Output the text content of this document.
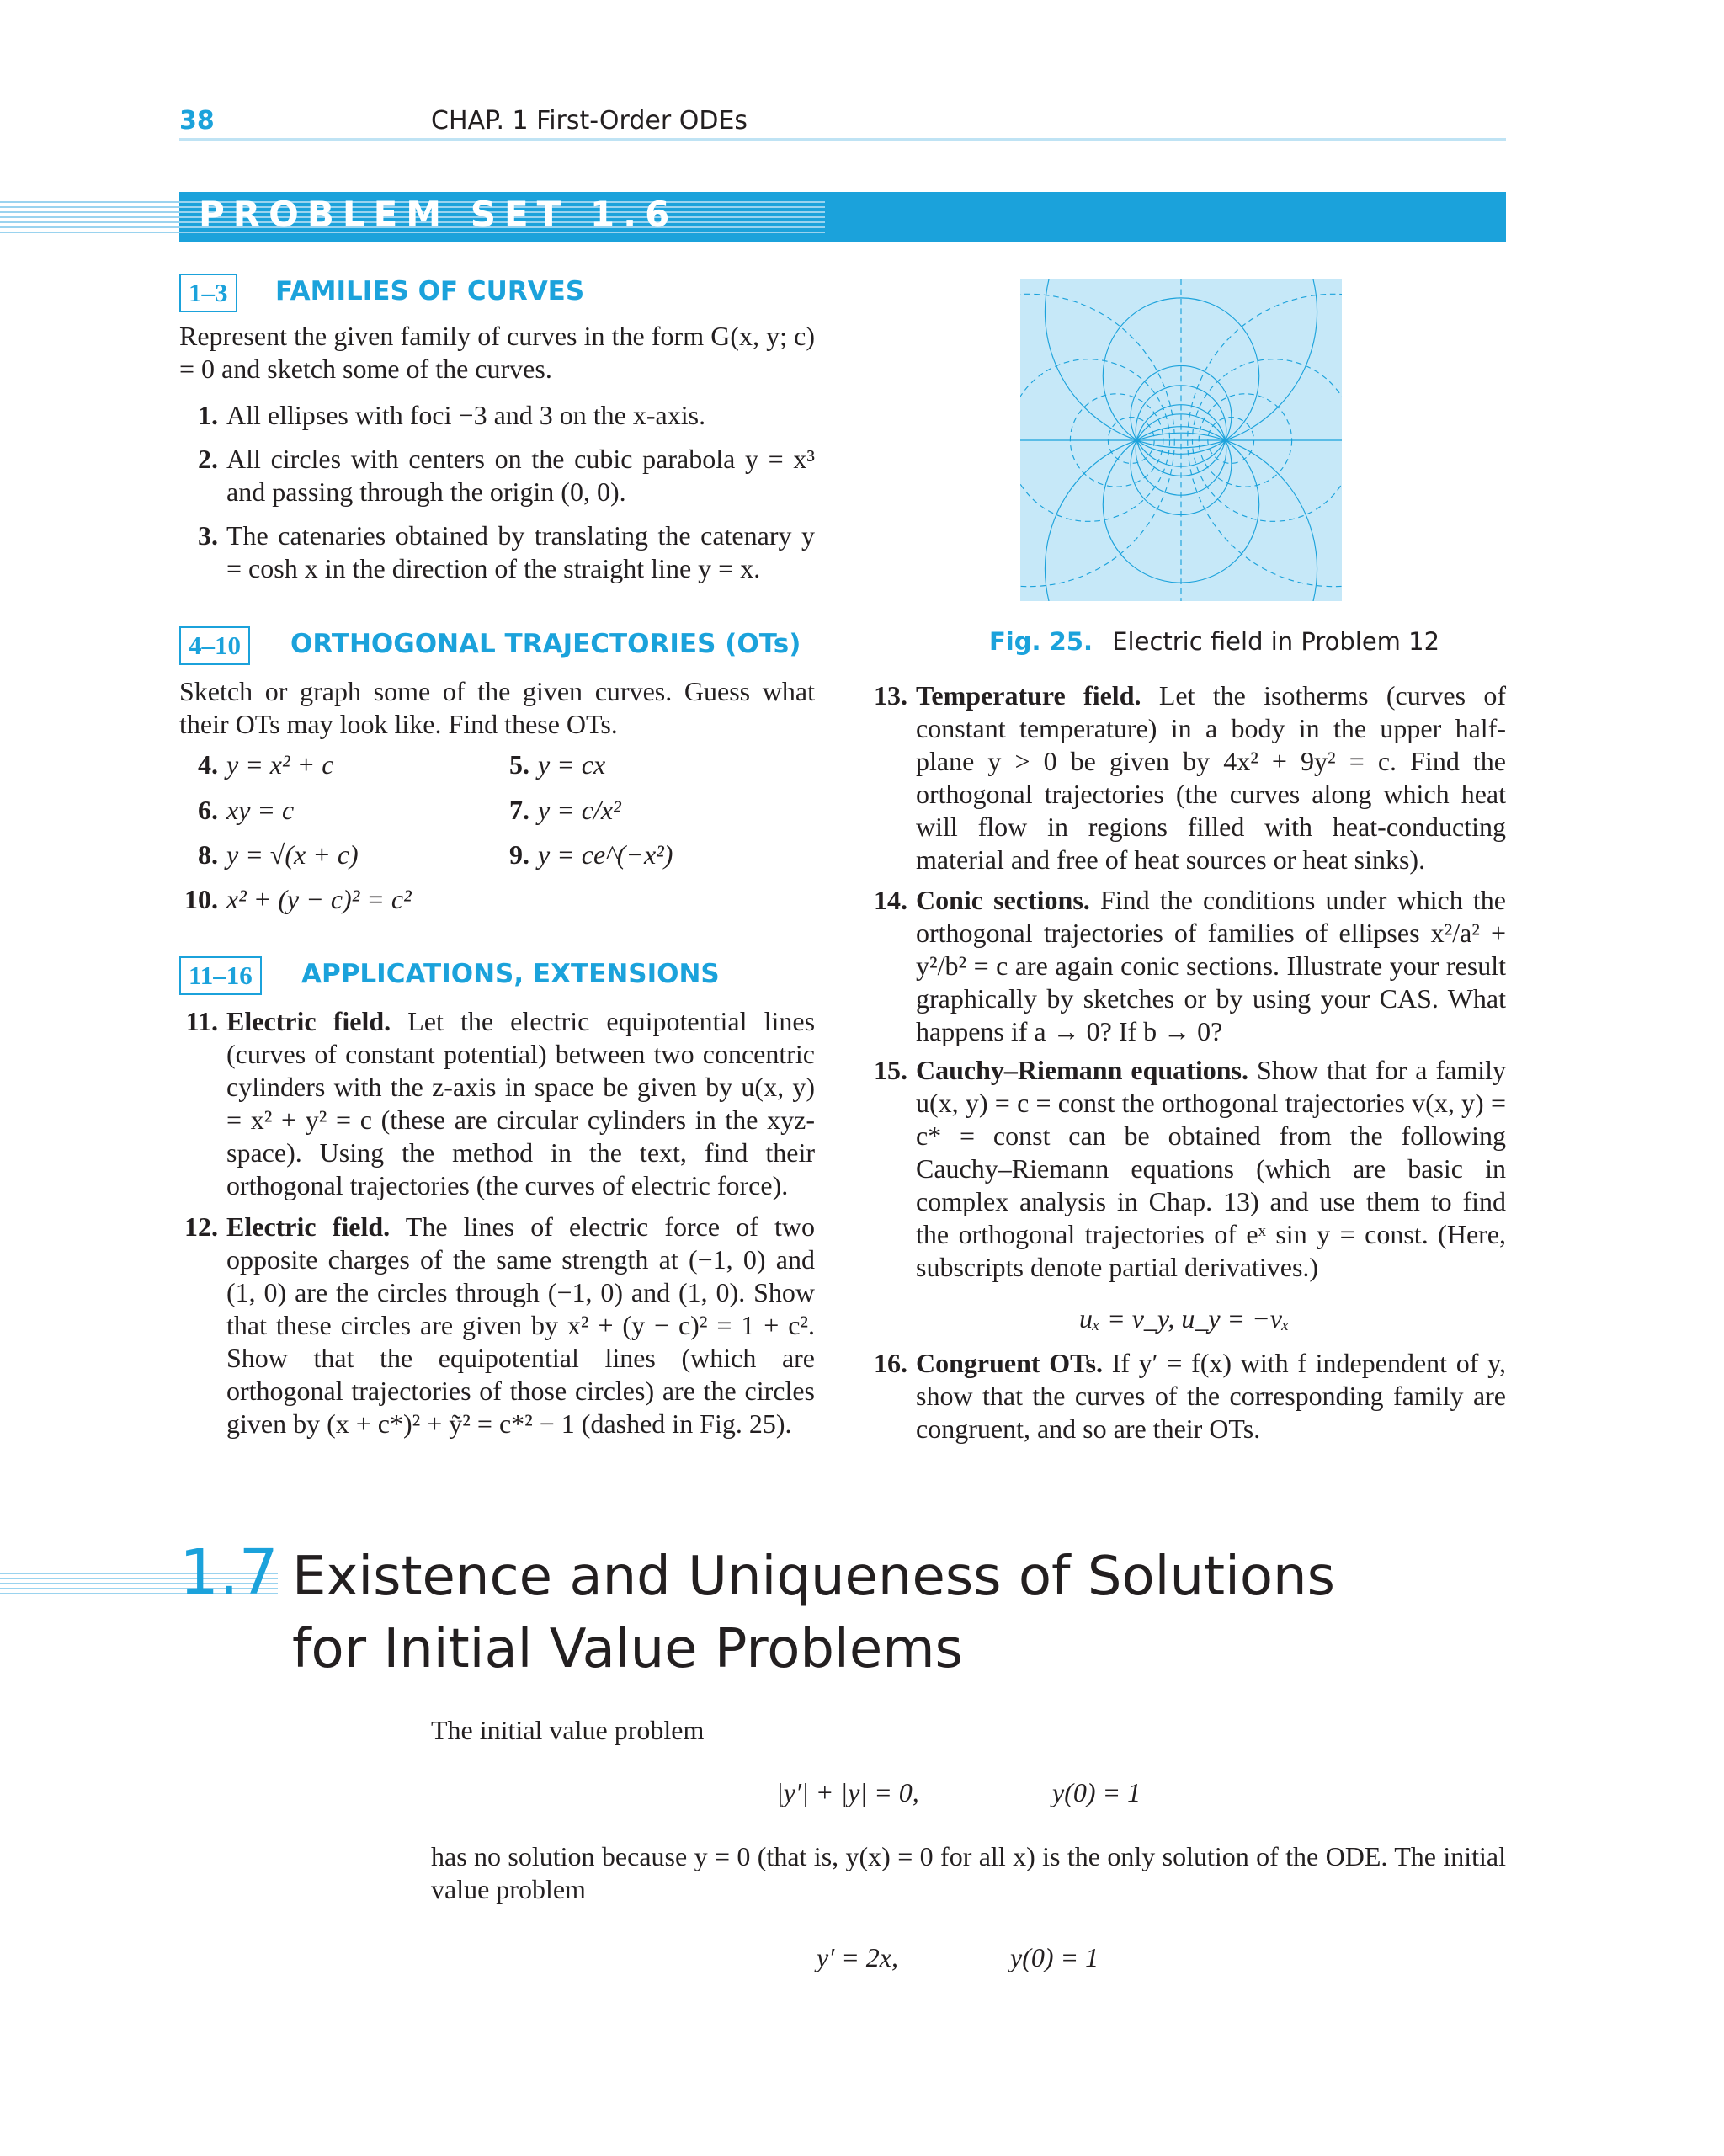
38	CHAP. 1 First-Order ODEs
PROBLEM SET 1.6
1–3	FAMILIES OF CURVES
Represent the given family of curves in the form G(x, y; c) = 0 and sketch some of the curves.
1. All ellipses with foci −3 and 3 on the x-axis.
2. All circles with centers on the cubic parabola y = x³ and passing through the origin (0, 0).
3. The catenaries obtained by translating the catenary y = cosh x in the direction of the straight line y = x.
4–10	ORTHOGONAL TRAJECTORIES (OTs)
Sketch or graph some of the given curves. Guess what their OTs may look like. Find these OTs.
4. y = x² + c	5. y = cx
6. xy = c	7. y = c/x²
8. y = √(x + c)	9. y = ce^(−x²)
10. x² + (y − c)² = c²
11–16	APPLICATIONS, EXTENSIONS
11. Electric field. Let the electric equipotential lines (curves of constant potential) between two concentric cylinders with the z-axis in space be given by u(x, y) = x² + y² = c (these are circular cylinders in the xyz-space). Using the method in the text, find their orthogonal trajectories (the curves of electric force).
12. Electric field. The lines of electric force of two opposite charges of the same strength at (−1, 0) and (1, 0) are the circles through (−1, 0) and (1, 0). Show that these circles are given by x² + (y − c)² = 1 + c². Show that the equipotential lines (which are orthogonal trajectories of those circles) are the circles given by (x + c*)² + ỹ² = c*² − 1 (dashed in Fig. 25).
Fig. 25. Electric field in Problem 12
13. Temperature field. Let the isotherms (curves of constant temperature) in a body in the upper half-plane y > 0 be given by 4x² + 9y² = c. Find the orthogonal trajectories (the curves along which heat will flow in regions filled with heat-conducting material and free of heat sources or heat sinks).
14. Conic sections. Find the conditions under which the orthogonal trajectories of families of ellipses x²/a² + y²/b² = c are again conic sections. Illustrate your result graphically by sketches or by using your CAS. What happens if a → 0? If b → 0?
15. Cauchy–Riemann equations. Show that for a family u(x, y) = c = const the orthogonal trajectories v(x, y) = c* = const can be obtained from the following Cauchy–Riemann equations (which are basic in complex analysis in Chap. 13) and use them to find the orthogonal trajectories of eˣ sin y = const. (Here, subscripts denote partial derivatives.)
uₓ = v_y, u_y = −vₓ
16. Congruent OTs. If y′ = f(x) with f independent of y, show that the curves of the corresponding family are congruent, and so are their OTs.
1.7 Existence and Uniqueness of Solutions
for Initial Value Problems
The initial value problem
|y′| + |y| = 0,	y(0) = 1
has no solution because y = 0 (that is, y(x) = 0 for all x) is the only solution of the ODE. The initial value problem
y′ = 2x,	y(0) = 1
